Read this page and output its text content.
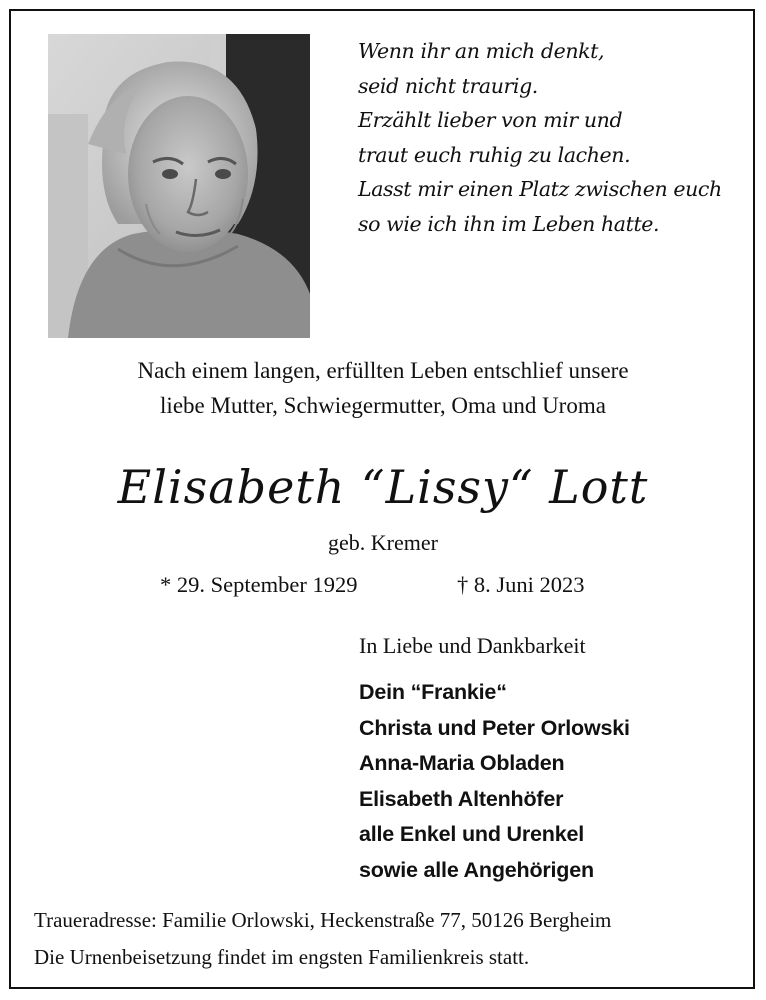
Wenn ihr an mich denkt,
seid nicht traurig.
Erzählt lieber von mir und
traut euch ruhig zu lachen.
Lasst mir einen Platz zwischen euch
so wie ich ihn im Leben hatte.
Nach einem langen, erfüllten Leben entschlief unsere
liebe Mutter, Schwiegermutter, Oma und Uroma
Elisabeth “Lissy“ Lott
geb. Kremer
* 29. September 1929	† 8. Juni 2023
In Liebe und Dankbarkeit
Dein “Frankie“
Christa und Peter Orlowski
Anna-Maria Obladen
Elisabeth Altenhöfer
alle Enkel und Urenkel
sowie alle Angehörigen
Traueradresse: Familie Orlowski, Heckenstraße 77, 50126 Bergheim
Die Urnenbeisetzung findet im engsten Familienkreis statt.
